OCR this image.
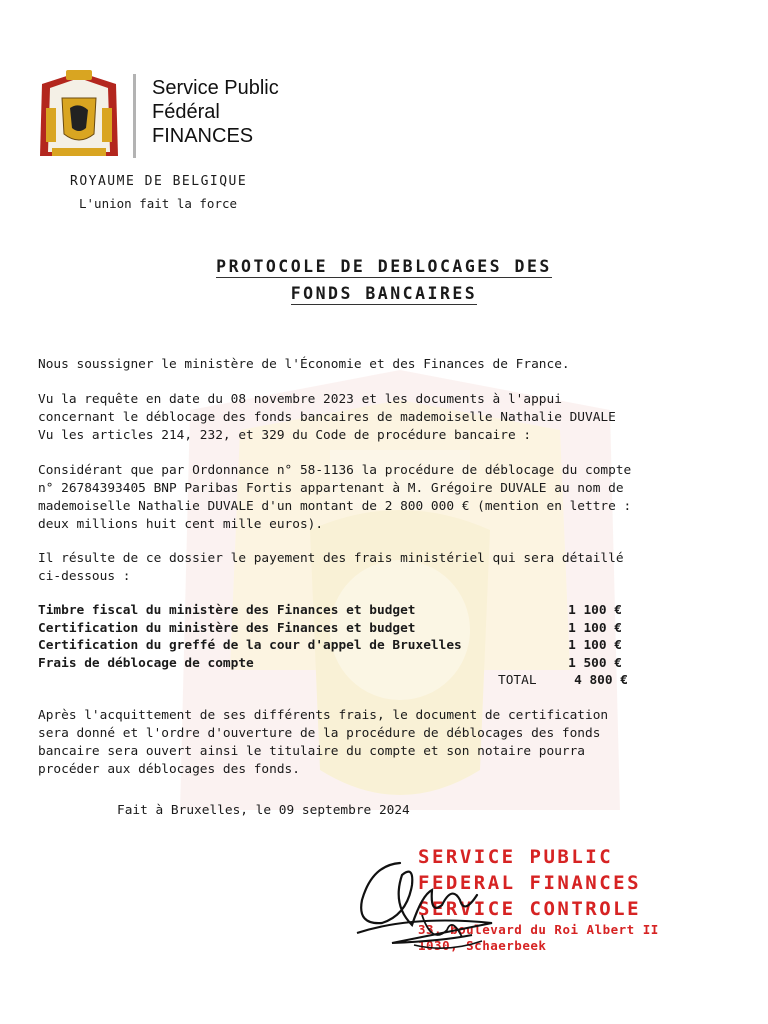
Service Public
Fédéral
FINANCES
ROYAUME DE BELGIQUE
L'union fait la force
PROTOCOLE DE DEBLOCAGES DES
FONDS BANCAIRES
Nous soussigner le ministère de l'Économie et des Finances de France.
Vu la requête en date du 08 novembre 2023 et les documents à l'appui
concernant le déblocage des fonds bancaires de mademoiselle Nathalie DUVALE
Vu les articles 214, 232, et 329 du Code de procédure bancaire :
Considérant que par Ordonnance n° 58-1136 la procédure de déblocage du compte
n° 26784393405 BNP Paribas Fortis appartenant à M. Grégoire DUVALE au nom de
mademoiselle Nathalie DUVALE d'un montant de 2 800 000 € (mention en lettre :
deux millions huit cent mille euros).
Il résulte de ce dossier le payement des frais ministériel qui sera détaillé
ci-dessous :
Timbre fiscal du ministère des Finances et budget	1 100 €
Certification du ministère des Finances et budget	1 100 €
Certification du greffé de la cour d'appel de Bruxelles	1 100 €
Frais de déblocage de compte	1 500 €
TOTAL	4 800 €
Après l'acquittement de ses différents frais, le document de certification
sera donné et l'ordre d'ouverture de la procédure de déblocages des fonds
bancaire sera ouvert ainsi le titulaire du compte et son notaire pourra
procéder aux déblocages des fonds.
Fait à Bruxelles, le 09 septembre 2024
SERVICE PUBLIC
FEDERAL FINANCES
SERVICE CONTROLE
33, boulevard du Roi Albert II
1030, Schaerbeek
